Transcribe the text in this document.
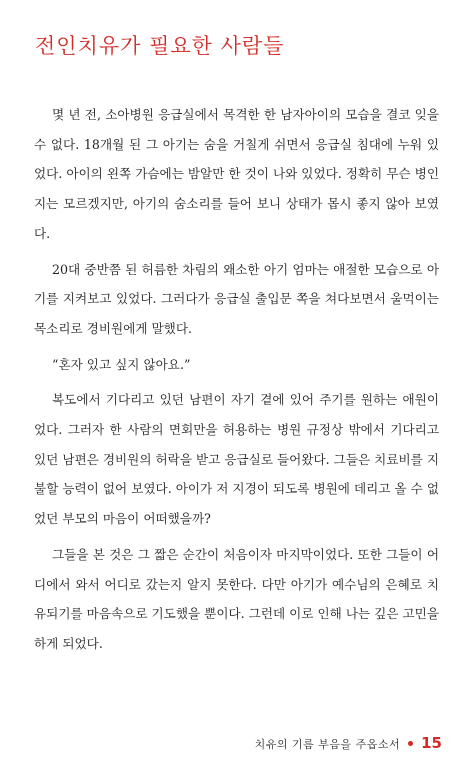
전인치유가 필요한 사람들

몇 년 전, 소아병원 응급실에서 목격한 한 남자아이의 모습을 결코 잊을 수 없다. 18개월 된 그 아기는 숨을 거칠게 쉬면서 응급실 침대에 누워 있었다. 아이의 왼쪽 가슴에는 밤알만 한 것이 나와 있었다. 정확히 무슨 병인지는 모르겠지만, 아기의 숨소리를 들어 보니 상태가 몹시 좋지 않아 보였다.

20대 중반쯤 된 허름한 차림의 왜소한 아기 엄마는 애절한 모습으로 아기를 지켜보고 있었다. 그러다가 응급실 출입문 쪽을 쳐다보면서 울먹이는 목소리로 경비원에게 말했다.

“혼자 있고 싶지 않아요.”

복도에서 기다리고 있던 남편이 자기 곁에 있어 주기를 원하는 애원이었다. 그러자 한 사람의 면회만을 허용하는 병원 규정상 밖에서 기다리고 있던 남편은 경비원의 허락을 받고 응급실로 들어왔다. 그들은 치료비를 지불할 능력이 없어 보였다. 아이가 저 지경이 되도록 병원에 데리고 올 수 없었던 부모의 마음이 어떠했을까?

그들을 본 것은 그 짧은 순간이 처음이자 마지막이었다. 또한 그들이 어디에서 와서 어디로 갔는지 알지 못한다. 다만 아기가 예수님의 은혜로 치유되기를 마음속으로 기도했을 뿐이다. 그런데 이로 인해 나는 깊은 고민을 하게 되었다.

치유의 기름 부음을 주옵소서 15
